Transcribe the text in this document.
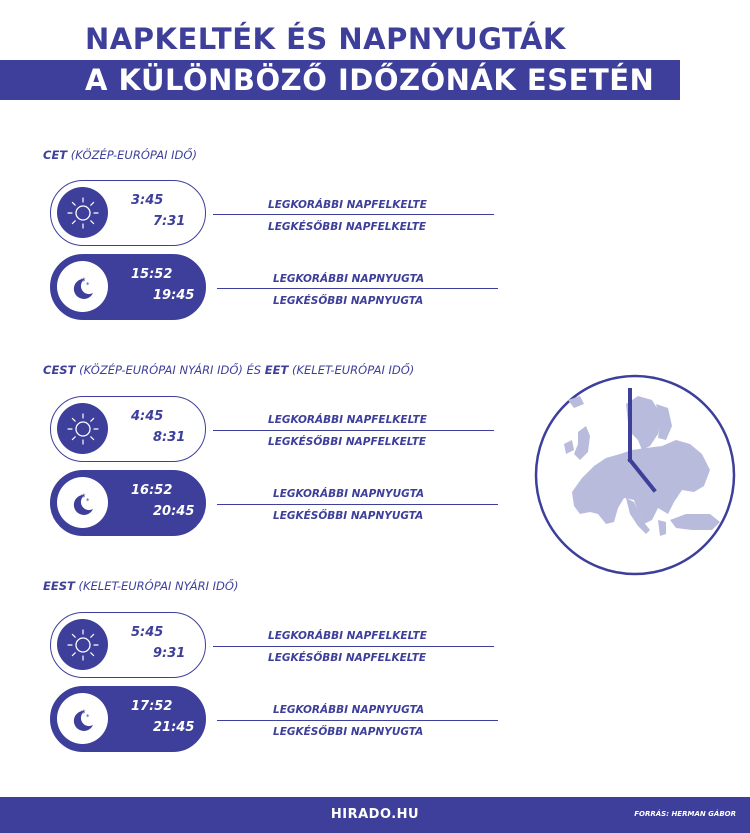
NAPKELTÉK ÉS NAPNYUGTÁK
A KÜLÖNBÖZŐ IDŐZÓNÁK ESETÉN
CET (KÖZÉP-EURÓPAI IDŐ)
3:45
7:31
LEGKORÁBBI NAPFELKELTE
LEGKÉSŐBBI NAPFELKELTE
* *
15:52
19:45
LEGKORÁBBI NAPNYUGTA
LEGKÉSŐBBI NAPNYUGTA
CEST (KÖZÉP-EURÓPAI NYÁRI IDŐ) ÉS EET (KELET-EURÓPAI IDŐ)
4:45
8:31
LEGKORÁBBI NAPFELKELTE
LEGKÉSŐBBI NAPFELKELTE
* *
16:52
20:45
LEGKORÁBBI NAPNYUGTA
LEGKÉSŐBBI NAPNYUGTA
EEST (KELET-EURÓPAI NYÁRI IDŐ)
5:45
9:31
LEGKORÁBBI NAPFELKELTE
LEGKÉSŐBBI NAPFELKELTE
* *
17:52
21:45
LEGKORÁBBI NAPNYUGTA
LEGKÉSŐBBI NAPNYUGTA
HIRADO.HU	FORRÁS: HERMAN GÁBOR
